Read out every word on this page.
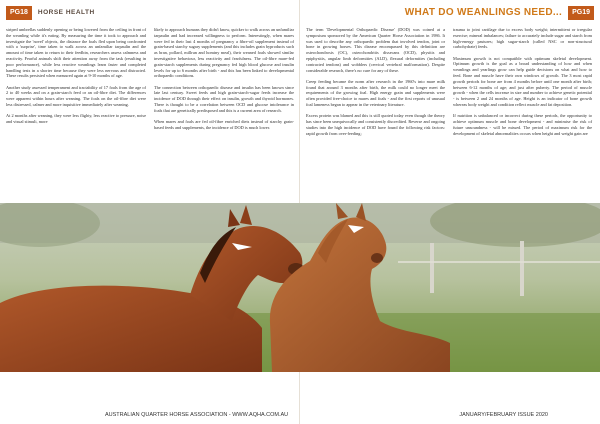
PG18	HORSE HEALTH

striped umbrellas suddenly opening or being lowered from the ceiling in front of the weanling while it's eating. By measuring the time it took to approach and investigate the 'novel' objects, the distance the foals fled upon being confronted with a 'surprise', time taken to walk across an unfamiliar tarpaulin and the amount of time taken to return to their feedbin, researchers assess calmness and reactivity. Fearful animals shift their attention away from the task (resulting in poor performance), while less reactive weanlings learn faster and completed handling tests in a shorter time because they were less nervous and distracted. These results persisted when measured again at 9-10 months of age.

Another study assessed temperament and tractability of 17 foals from the age of 2 to 40 weeks and on a grain-starch feed or an oil-fibre diet. The differences were apparent within hours after weaning. The foals on the oil-fibre diet were less distressed, calmer and more inquisitive immediately after weaning.

At 2 months after weaning, they were less flighty, less reactive to pressure, noise and visual stimuli, more

likely to approach humans they didn't know, quicker to walk across an unfamiliar tarpaulin and had increased willingness to perform. Interestingly, when mares were fed in their last 4 months of pregnancy a fibre-oil supplement instead of grain-based starchy sugary supplements (and this includes grain byproducts such as bran, pollard, millrun and hominy meal), their weaned foals showed similar investigative behaviour, less reactivity and fearfulness. The oil-fibre mare-fed grain-starch supplements during pregnancy fed high blood glucose and insulin levels for up to 6 months after birth - and this has been linked to developmental orthopaedic conditions.

The connection between orthopaedic disease and insulin has been known since late last century. Sweet feeds and high grain-starch-sugar feeds increase the incidence of DOD through their effect on insulin, growth and thyroid hormones. There is thought to be a correlation between OCD and glucose intolerance in foals that are genetically predisposed and this is a current area of research.

When mares and foals are fed oil-fibre enriched diets instead of starchy grain-based feeds and supplements, the incidence of DOD is much lower.

AUSTRALIAN QUARTER HORSE ASSOCIATION - WWW.AQHA.COM.AU
WHAT DO WEANLINGS NEED...	PG19

The term 'Developmental Orthopaedic Disease' (DOD) was coined at a symposium sponsored by the American Quarter Horse Association in 1986. It was used to describe any orthopaedic problem that involved tendon, joint or bone in growing horses. This disease encompassed by this definition are osteochondrosis (OC), osteochondritis dissecans (OCD), physitis and epiphysitis, angular limb deformities (ALD), flexural deformities (including contracted tendons) and wobblers (cervical vertebral malformation). Despite considerable research, there's no cure for any of these.

Creep feeding became the norm after research in the 1960's into mare milk found that around 3 months after birth, the milk could no longer meet the requirements of the growing foal. High energy grain and supplements were often provided free-choice to mares and foals - and the first reports of unusual foal lameness began to appear in the veterinary literature.

Excess protein was blamed and this is still quoted today even though the theory has since been unequivocally and consistently discredited. Reverse and ongoing studies into the high incidence of DOD have found the following risk factors: rapid growth from over-feeding;

trauma to joint cartilage due to excess body weight; intermittent or irregular exercise; mineral imbalances; failure to accurately include sugar and starch from high-energy pastures; high sugar-starch (called NSC or non-structural carbohydrate) feeds.

Maximum growth is not compatible with optimum skeletal development. Optimum growth is the goal as a broad understanding of how and when weanlings and yearlings grow can help guide decisions on what and how to feed. Bone and muscle have their own windows of growth. The 3 most rapid growth periods for bone are from 4 months before until one month after birth; between 6-12 months of age; and just after puberty. The period of muscle growth - when the cells increase in size and number to achieve genetic potential - is between 2 and 24 months of age. Height is an indicator of bone growth whereas body weight and condition reflect muscle and fat deposition.

If nutrition is unbalanced or incorrect during these periods, the opportunity to achieve optimum muscle and bone development - and minimise the risk of future unsoundness - will be missed. The period of maximum risk for the development of skeletal abnormalities occurs when height and weight gain are

JANUARY/FEBRUARY ISSUE 2020
